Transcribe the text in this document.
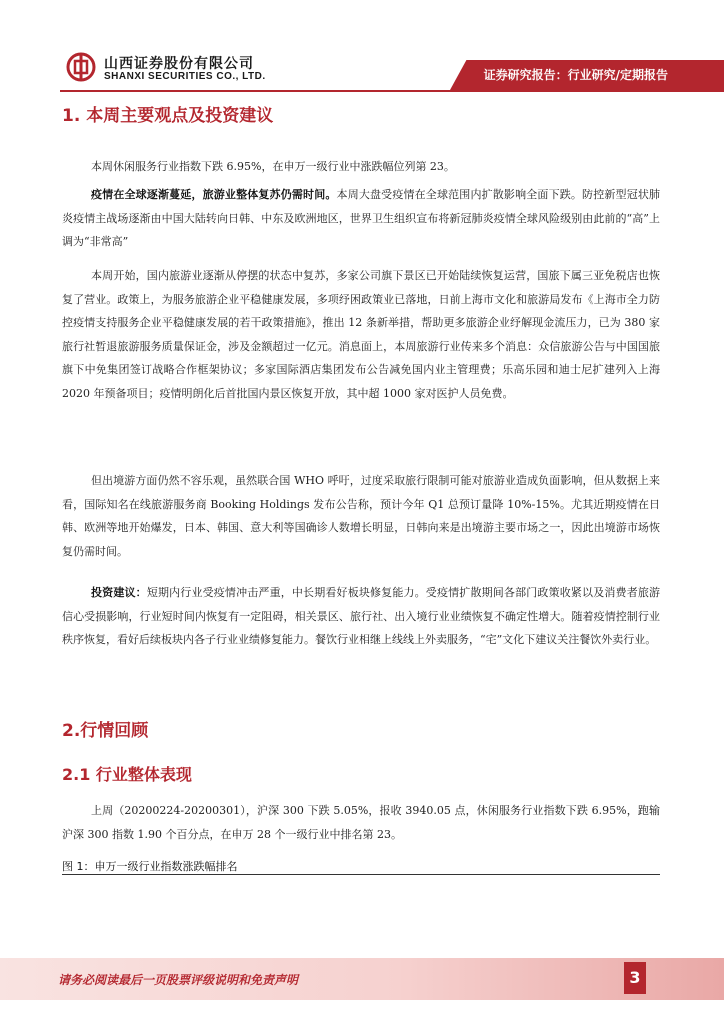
山西证券股份有限公司
SHANXI SECURITIES CO., LTD.	证券研究报告：行业研究/定期报告
1. 本周主要观点及投资建议
本周休闲服务行业指数下跌 6.95%，在申万一级行业中涨跌幅位列第 23。
疫情在全球逐渐蔓延，旅游业整体复苏仍需时间。本周大盘受疫情在全球范围内扩散影响全面下跌。防控新型冠状肺炎疫情主战场逐渐由中国大陆转向日韩、中东及欧洲地区，世界卫生组织宣布将新冠肺炎疫情全球风险级别由此前的“高”上调为“非常高”
本周开始，国内旅游业逐渐从停摆的状态中复苏，多家公司旗下景区已开始陆续恢复运营，国旅下属三亚免税店也恢复了营业。政策上，为服务旅游企业平稳健康发展，多项纾困政策业已落地，日前上海市文化和旅游局发布《上海市全力防控疫情支持服务企业平稳健康发展的若干政策措施》，推出 12 条新举措，帮助更多旅游企业纾解现金流压力，已为 380 家旅行社暂退旅游服务质量保证金，涉及金额超过一亿元。消息面上，本周旅游行业传来多个消息：众信旅游公告与中国国旅旗下中免集团签订战略合作框架协议；多家国际酒店集团发布公告减免国内业主管理费；乐高乐园和迪士尼扩建列入上海 2020 年预备项目；疫情明朗化后首批国内景区恢复开放，其中超 1000 家对医护人员免费。
但出境游方面仍然不容乐观，虽然联合国 WHO 呼吁，过度采取旅行限制可能对旅游业造成负面影响，但从数据上来看，国际知名在线旅游服务商 Booking Holdings 发布公告称，预计今年 Q1 总预订量降 10%-15%。尤其近期疫情在日韩、欧洲等地开始爆发，日本、韩国、意大利等国确诊人数增长明显，日韩向来是出境游主要市场之一，因此出境游市场恢复仍需时间。
投资建议：短期内行业受疫情冲击严重，中长期看好板块修复能力。受疫情扩散期间各部门政策收紧以及消费者旅游信心受损影响，行业短时间内恢复有一定阻碍，相关景区、旅行社、出入境行业业绩恢复不确定性增大。随着疫情控制行业秩序恢复，看好后续板块内各子行业业绩修复能力。餐饮行业相继上线线上外卖服务，“宅”文化下建议关注餐饮外卖行业。
2.行情回顾
2.1 行业整体表现
上周（20200224-20200301），沪深 300 下跌 5.05%，报收 3940.05 点，休闲服务行业指数下跌 6.95%，跑输沪深 300 指数 1.90 个百分点，在申万 28 个一级行业中排名第 23。
图 1：申万一级行业指数涨跌幅排名
请务必阅读最后一页股票评级说明和免责声明	3
